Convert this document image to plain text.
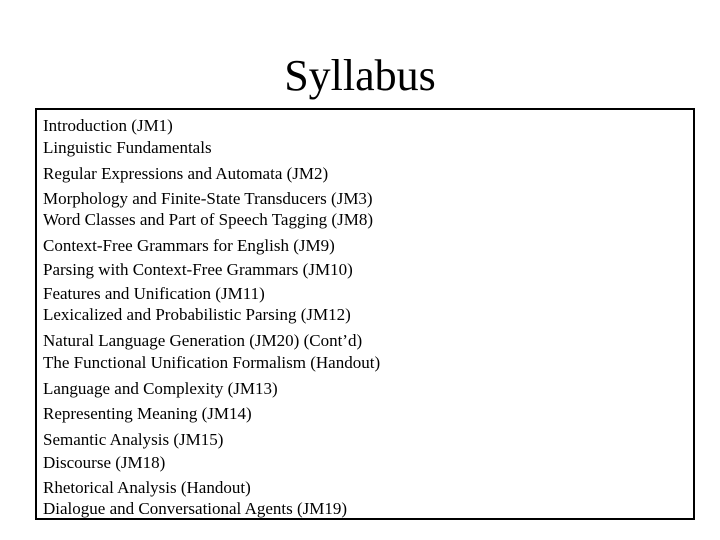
Syllabus
Introduction (JM1)
Linguistic Fundamentals
Regular Expressions and Automata (JM2)
Morphology and Finite-State Transducers (JM3)
Word Classes and Part of Speech Tagging (JM8)
Context-Free Grammars for English (JM9)
Parsing with Context-Free Grammars (JM10)
Features and Unification (JM11)
Lexicalized and Probabilistic Parsing (JM12)
Natural Language Generation (JM20) (Cont’d)
The Functional Unification Formalism (Handout)
Language and Complexity (JM13)
Representing Meaning (JM14)
Semantic Analysis (JM15)
Discourse (JM18)
Rhetorical Analysis (Handout)
Dialogue and Conversational Agents (JM19)
